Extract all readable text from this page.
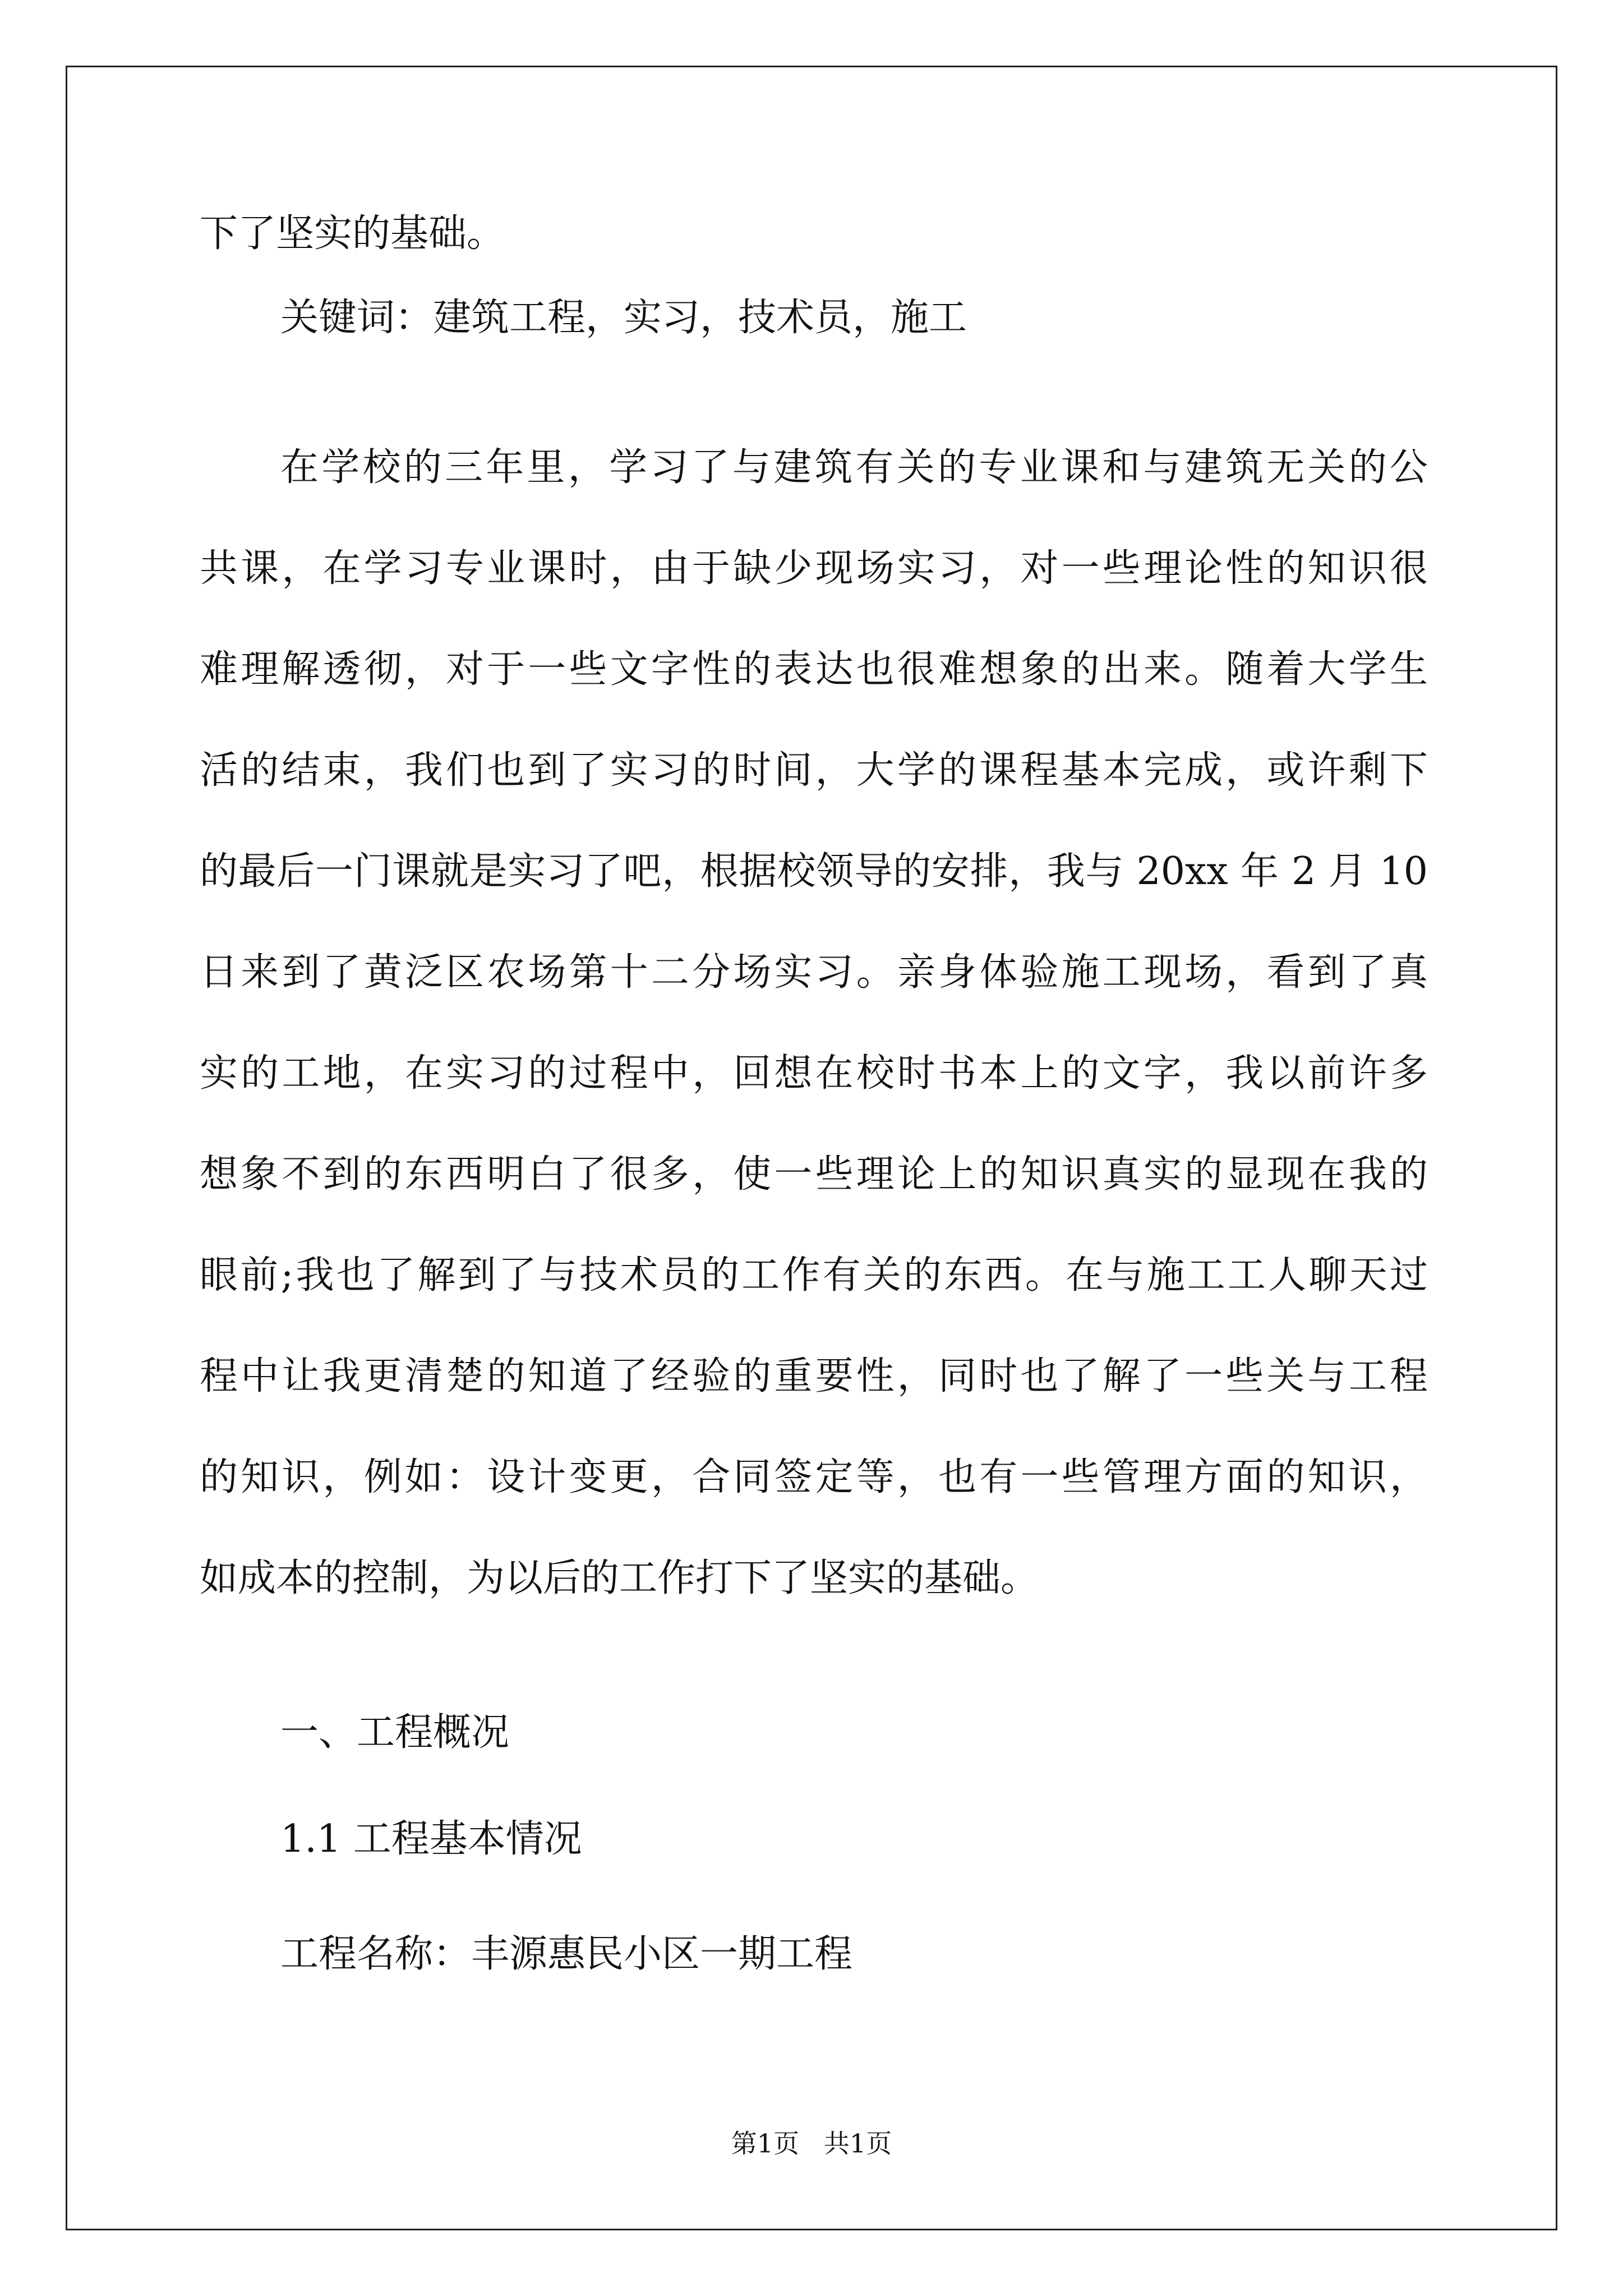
下了坚实的基础。
关键词：建筑工程，实习，技术员，施工
在学校的三年里，学习了与建筑有关的专业课和与建筑无关的公
共课，在学习专业课时，由于缺少现场实习，对一些理论性的知识很
难理解透彻，对于一些文字性的表达也很难想象的出来。随着大学生
活的结束，我们也到了实习的时间，大学的课程基本完成，或许剩下
的最后一门课就是实习了吧，根据校领导的安排，我与 20xx 年 2 月 10
日来到了黄泛区农场第十二分场实习。亲身体验施工现场，看到了真
实的工地，在实习的过程中，回想在校时书本上的文字，我以前许多
想象不到的东西明白了很多，使一些理论上的知识真实的显现在我的
眼前;我也了解到了与技术员的工作有关的东西。在与施工工人聊天过
程中让我更清楚的知道了经验的重要性，同时也了解了一些关与工程
的知识，例如：设计变更，合同签定等，也有一些管理方面的知识，
如成本的控制，为以后的工作打下了坚实的基础。
一、工程概况
1.1 工程基本情况
工程名称：丰源惠民小区一期工程
第1页   共1页
